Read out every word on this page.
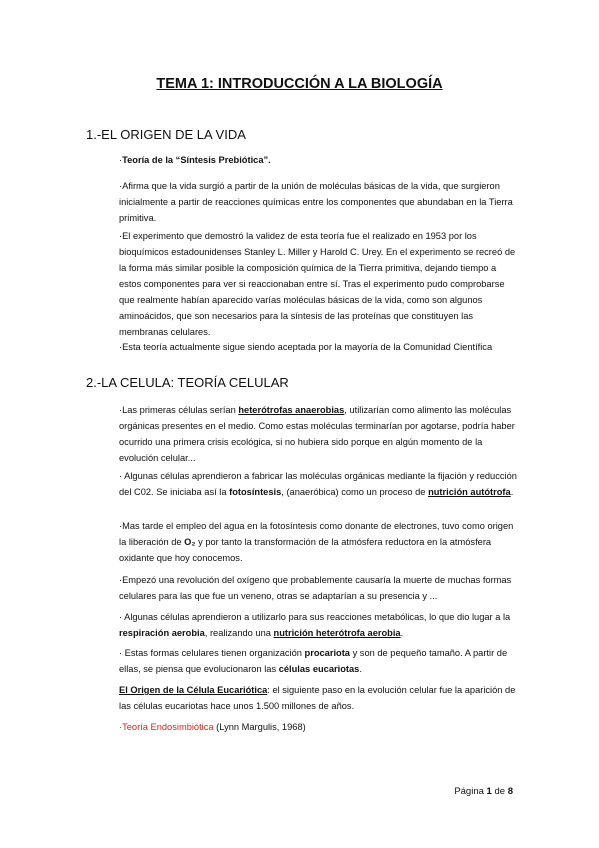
TEMA 1: INTRODUCCIÓN A LA BIOLOGÍA
1.-EL ORIGEN DE LA VIDA
·Teoría de la “Síntesis Prebiótica”.
·Afirma que la vida surgió a partir de la unión de moléculas básicas de la vida, que surgieron inicialmente a partir de reacciones químicas entre los componentes que abundaban en la Tierra primitiva.
·El experimento que demostró la validez de esta teoría fue el realizado en 1953 por los bioquímicos estadounidenses Stanley L. Miller y Harold C. Urey. En el experimento se recreó de la forma más similar posible la composición química de la Tierra primitiva, dejando tiempo a estos componentes para ver si reaccionaban entre sí. Tras el experimento pudo comprobarse que realmente habían aparecido varías moléculas básicas de la vida, como son algunos aminoácidos, que son necesarios para la síntesis de las proteínas que constituyen las membranas celulares.
·Esta teoría actualmente sigue siendo aceptada por la mayoría de la Comunidad Científica
2.-LA CELULA: TEORÍA CELULAR
·Las primeras células serían heterótrofas anaerobias, utilizarían como alimento las moléculas orgánicas presentes en el medio. Como estas moléculas terminarían por agotarse, podría haber ocurrido una primera crisis ecológica, si no hubiera sido porque en algún momento de la evolución celular...
· Algunas células aprendieron a fabricar las moléculas orgánicas mediante la fijación y reducción del C02. Se iniciaba así la fotosíntesis, (anaeróbica) como un proceso de nutrición autótrofa.
·Mas tarde el empleo del agua en la fotosíntesis como donante de electrones, tuvo como origen la liberación de O₂ y por tanto la transformación de la atmósfera reductora en la atmósfera oxidante que hoy conocemos.
·Empezó una revolución del oxígeno que probablemente causaría la muerte de muchas formas celulares para las que fue un veneno, otras se adaptarían a su presencia y ...
· Algunas células aprendieron a utilizarlo para sus reacciones metabólicas, lo que dio lugar a la respiración aerobia, realizando una nutrición heterótrofa aerobia.
· Estas formas celulares tienen organización procariota y son de pequeño tamaño. A partir de ellas, se piensa que evolucionaron las células eucariotas.
El Origen de la Célula Eucariótica: el siguiente paso en la evolución celular fue la aparición de las células eucariotas hace unos 1.500 millones de años.
·Teoría Endosimbiótica (Lynn Margulis, 1968)
Página 1 de 8
